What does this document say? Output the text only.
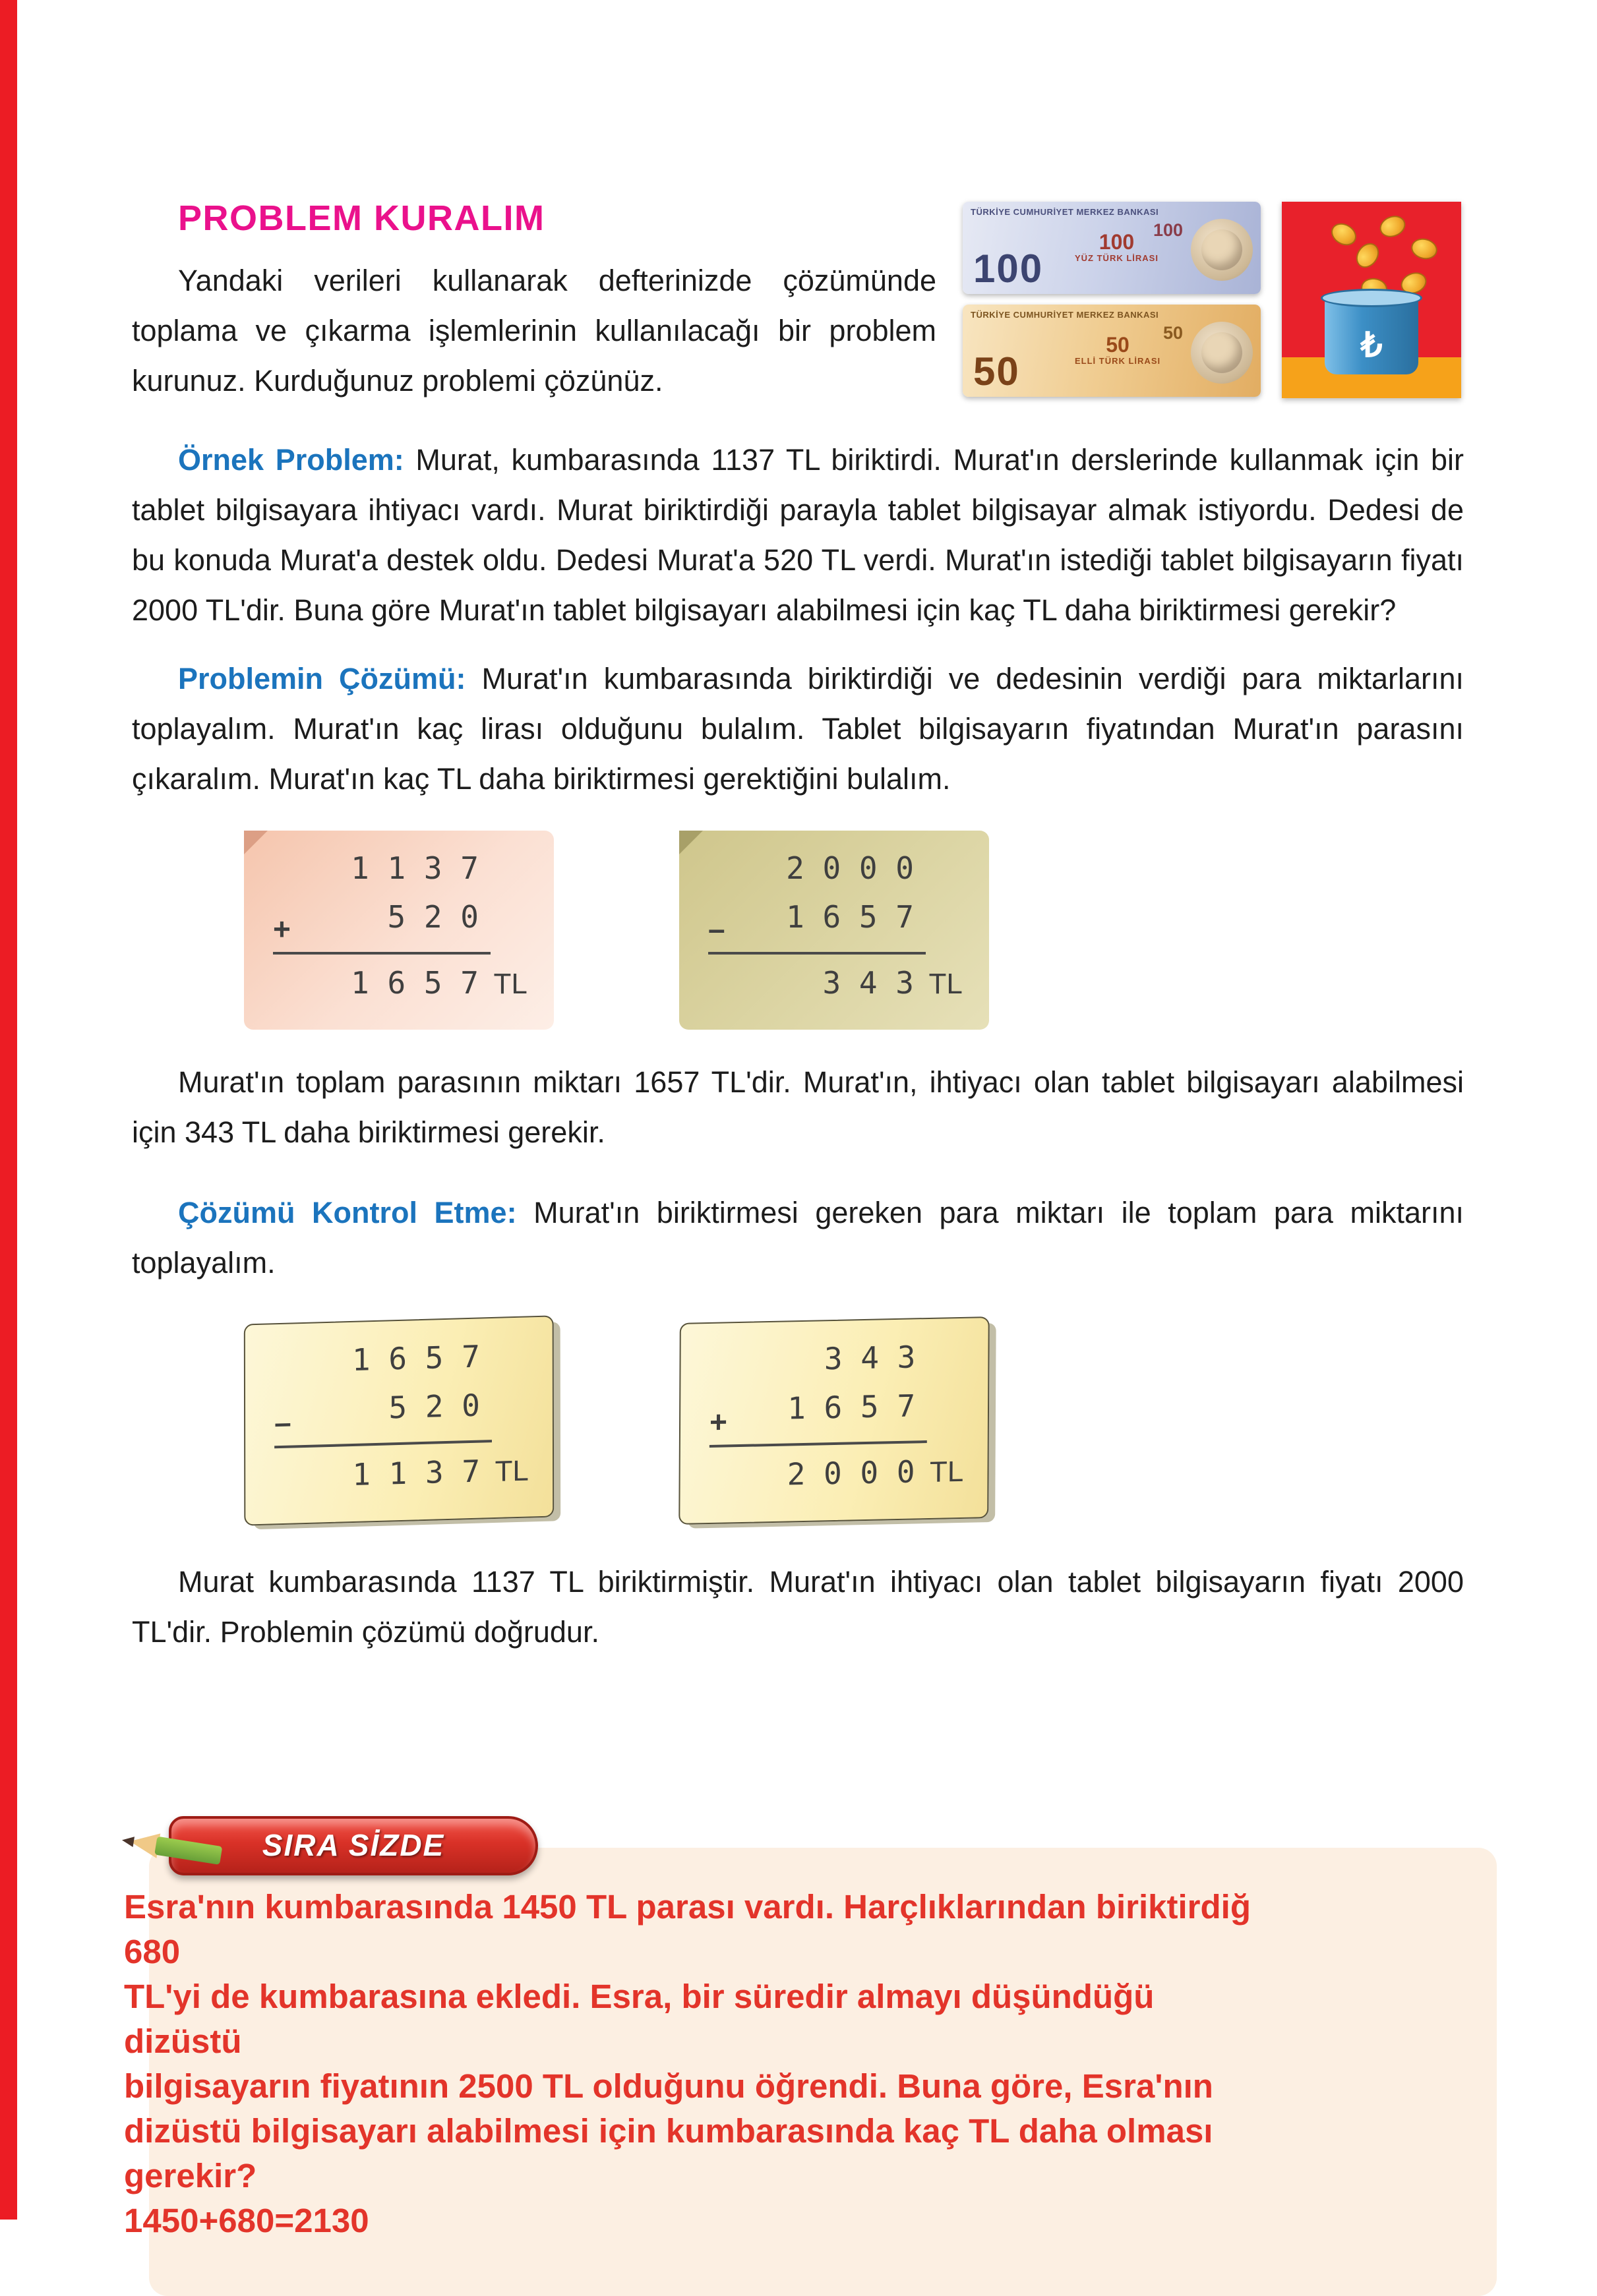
PROBLEM KURALIM

Yandaki verileri kullanarak defterinizde çözümünde toplama ve çıkarma işlemlerinin kullanılacağı bir problem kurunuz. Kurduğunuz problemi çözünüz.

TÜRKİYE CUMHURİYET MERKEZ BANKASI
100
100
YÜZ TÜRK LİRASI
100
TÜRKİYE CUMHURİYET MERKEZ BANKASI
50
50
ELLİ TÜRK LİRASI
50
₺

Örnek Problem: Murat, kumbarasında 1137 TL biriktirdi. Murat'ın derslerinde kullanmak için bir tablet bilgisayara ihtiyacı vardı. Murat biriktirdiği parayla tablet bilgisayar almak istiyordu. Dedesi de bu konuda Murat'a destek oldu. Dedesi Murat'a 520 TL verdi. Murat'ın istediği tablet bilgisayarın fiyatı 2000 TL'dir. Buna göre Murat'ın tablet bilgisayarı alabilmesi için kaç TL daha biriktirmesi gerekir?

Problemin Çözümü: Murat'ın kumbarasında biriktirdiği ve dedesinin verdiği para miktarlarını toplayalım. Murat'ın kaç lirası olduğunu bulalım. Tablet bilgisayarın fiyatından Murat'ın parasını çıkaralım. Murat'ın kaç TL daha biriktirmesi gerektiğini bulalım.

1 1 3 7
+	5 2 0
1 6 5 7 TL
2 0 0 0
– 1 6 5 7
3 4 3 TL

Murat'ın toplam parasının miktarı 1657 TL'dir. Murat'ın, ihtiyacı olan tablet bilgisayarı alabilmesi için 343 TL daha biriktirmesi gerekir.

Çözümü Kontrol Etme: Murat'ın biriktirmesi gereken para miktarı ile toplam para miktarını toplayalım.

1 6 5 7
–	5 2 0
1 1 3 7 TL
3 4 3
+ 1 6 5 7
2 0 0 0 TL

Murat kumbarasında 1137 TL biriktirmiştir. Murat'ın ihtiyacı olan tablet bilgisayarın fiyatı 2000 TL'dir. Problemin çözümü doğrudur.

SIRA SİZDE
Esra'nın kumbarasında 1450 TL parası vardı. Harçlıklarından biriktirdiğ
680
TL'yi de kumbarasına ekledi. Esra, bir süredir almayı düşündüğü
dizüstü
bilgisayarın fiyatının 2500 TL olduğunu öğrendi. Buna göre, Esra'nın
dizüstü bilgisayarı alabilmesi için kumbarasında kaç TL daha olması
gerekir?
1450+680=2130
